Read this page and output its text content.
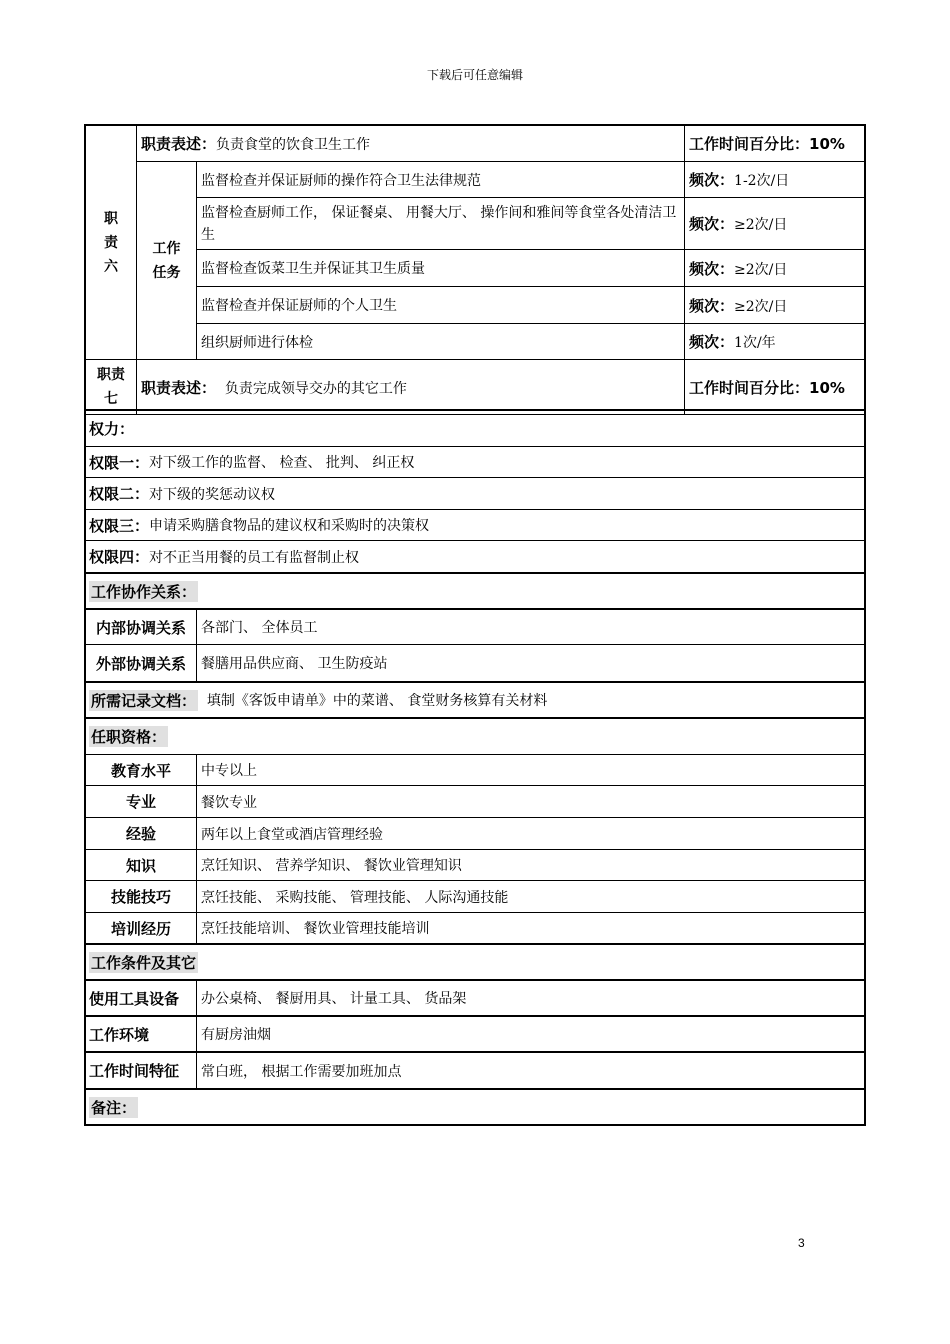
下载后可任意编辑
职责六	职责表述：负责食堂的饮食卫生工作		工作时间百分比：10%
	工作任务	监督检查并保证厨师的操作符合卫生法律规范	频次：1-2次/日
		监督检查厨师工作， 保证餐桌、 用餐大厅、 操作间和雅间等食堂各处清洁卫生	频次：≥2次/日
		监督检查饭菜卫生并保证其卫生质量	频次：≥2次/日
		监督检查并保证厨师的个人卫生	频次：≥2次/日
		组织厨师进行体检	频次：1次/年
职责七	职责表述： 负责完成领导交办的其它工作		工作时间百分比：10%
权力：
权限一： 对下级工作的监督、 检查、 批判、 纠正权
权限二： 对下级的奖惩动议权
权限三： 申请采购膳食物品的建议权和采购时的决策权
权限四： 对不正当用餐的员工有监督制止权
工作协作关系：
内部协调关系	各部门、 全体员工
外部协调关系	餐膳用品供应商、 卫生防疫站
所需记录文档：
填制《客饭申请单》中的菜谱、 食堂财务核算有关材料
任职资格：
教育水平	中专以上
专业	餐饮专业
经验	两年以上食堂或酒店管理经验
知识	烹饪知识、 营养学知识、 餐饮业管理知识
技能技巧	烹饪技能、 采购技能、 管理技能、 人际沟通技能
培训经历	烹饪技能培训、 餐饮业管理技能培训
工作条件及其它
使用工具设备	办公桌椅、 餐厨用具、 计量工具、 货品架
工作环境	有厨房油烟
工作时间特征	常白班， 根据工作需要加班加点
备注：
3
